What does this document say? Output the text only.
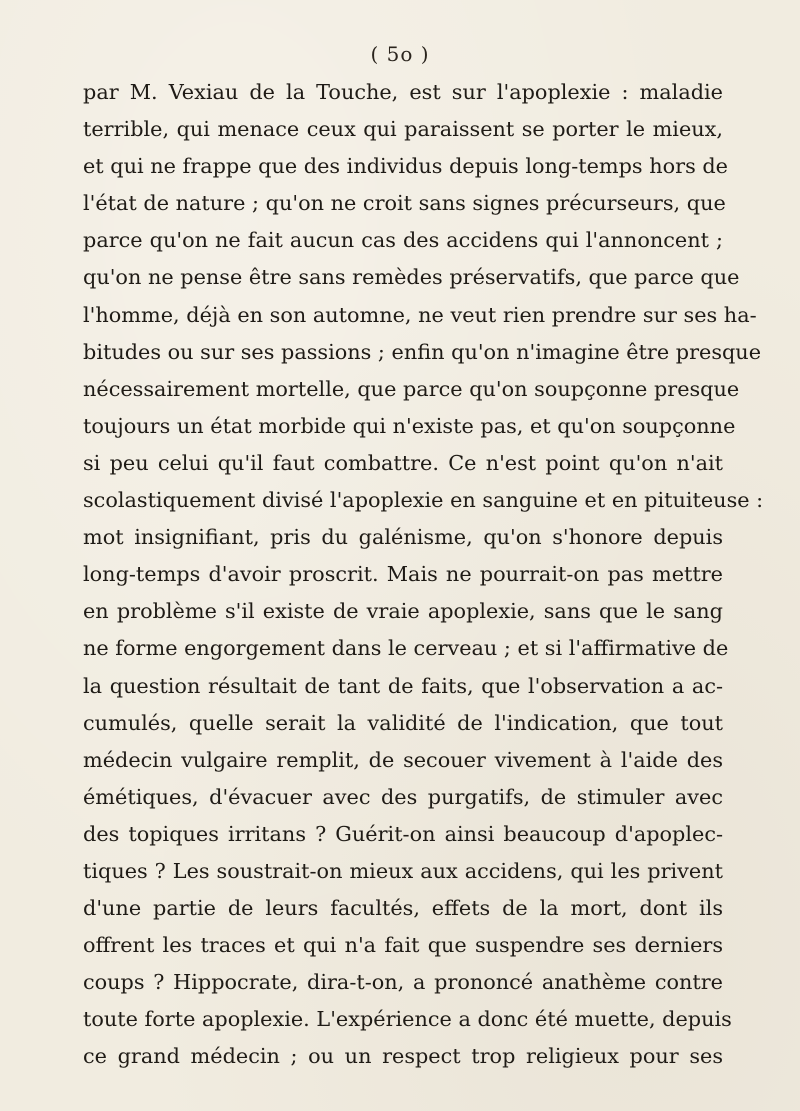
( 5o )
par M. Vexiau de la Touche, est sur l'apoplexie : maladie
terrible, qui menace ceux qui paraissent se porter le mieux,
et qui ne frappe que des individus depuis long-temps hors de
l'état de nature ; qu'on ne croit sans signes précurseurs, que
parce qu'on ne fait aucun cas des accidens qui l'annoncent ;
qu'on ne pense être sans remèdes préservatifs, que parce que
l'homme, déjà en son automne, ne veut rien prendre sur ses ha-
bitudes ou sur ses passions ; enfin qu'on n'imagine être presque
nécessairement mortelle, que parce qu'on soupçonne presque
toujours un état morbide qui n'existe pas, et qu'on soupçonne
si peu celui qu'il faut combattre. Ce n'est point qu'on n'ait
scolastiquement divisé l'apoplexie en sanguine et en pituiteuse :
mot insignifiant, pris du galénisme, qu'on s'honore depuis
long-temps d'avoir proscrit. Mais ne pourrait-on pas mettre
en problème s'il existe de vraie apoplexie, sans que le sang
ne forme engorgement dans le cerveau ; et si l'affirmative de
la question résultait de tant de faits, que l'observation a ac-
cumulés, quelle serait la validité de l'indication, que tout
médecin vulgaire remplit, de secouer vivement à l'aide des
émétiques, d'évacuer avec des purgatifs, de stimuler avec
des topiques irritans ? Guérit-on ainsi beaucoup d'apoplec-
tiques ? Les soustrait-on mieux aux accidens, qui les privent
d'une partie de leurs facultés, effets de la mort, dont ils
offrent les traces et qui n'a fait que suspendre ses derniers
coups ? Hippocrate, dira-t-on, a prononcé anathème contre
toute forte apoplexie. L'expérience a donc été muette, depuis
ce grand médecin ; ou un respect trop religieux pour ses
